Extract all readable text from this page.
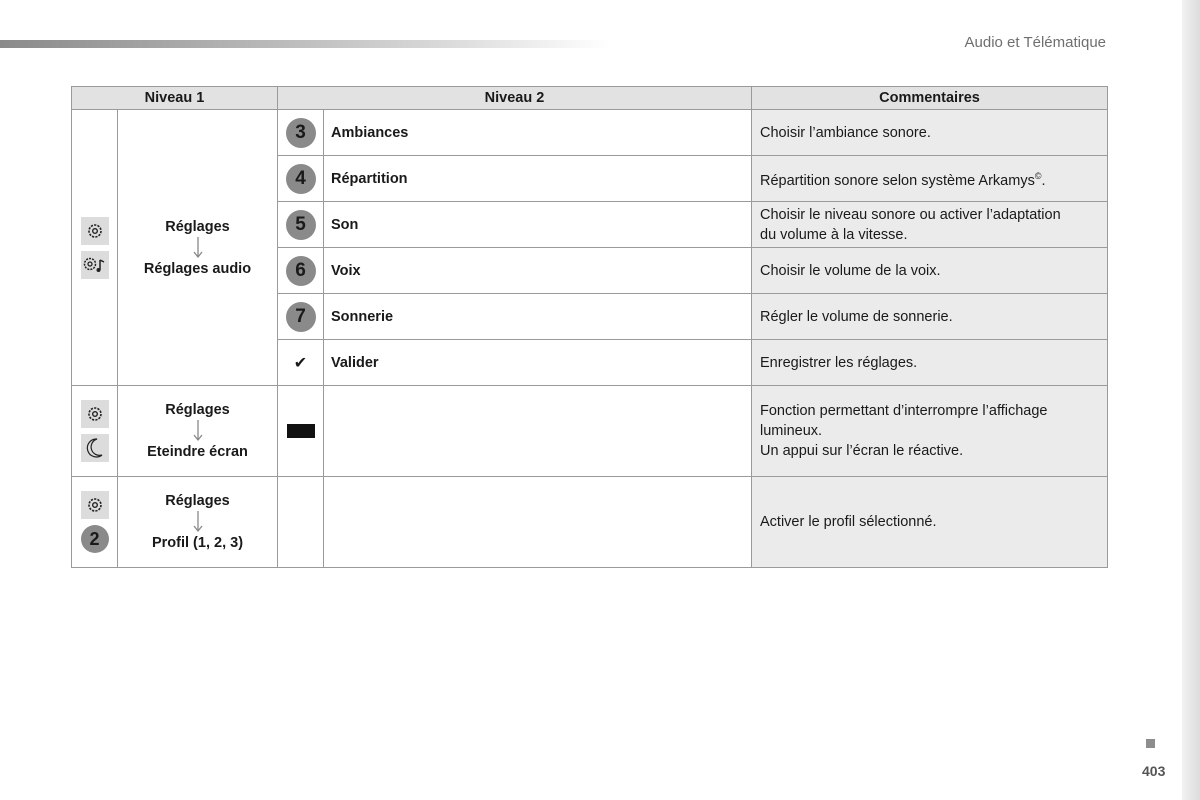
Audio et Télématique
Niveau 1		Niveau 2		Commentaires

Réglages
Réglages audio	3	Ambiances	Choisir l’ambiance sonore.

4	Répartition	Répartition sonore selon système Arkamys©.

5	Son	Choisir le niveau sonore ou activer l’adaptation
du volume à la vitesse.

6	Voix	Choisir le volume de la voix.

7	Sonnerie	Régler le volume de sonnerie.
		✔	Valider	Enregistrer les réglages.

Réglages
Eteindre écran			Fonction permettant d’interrompre l’affichage
lumineux.
Un appui sur l’écran le réactive.

2	Réglages
Profil (1, 2, 3)			Activer le profil sélectionné.
403
